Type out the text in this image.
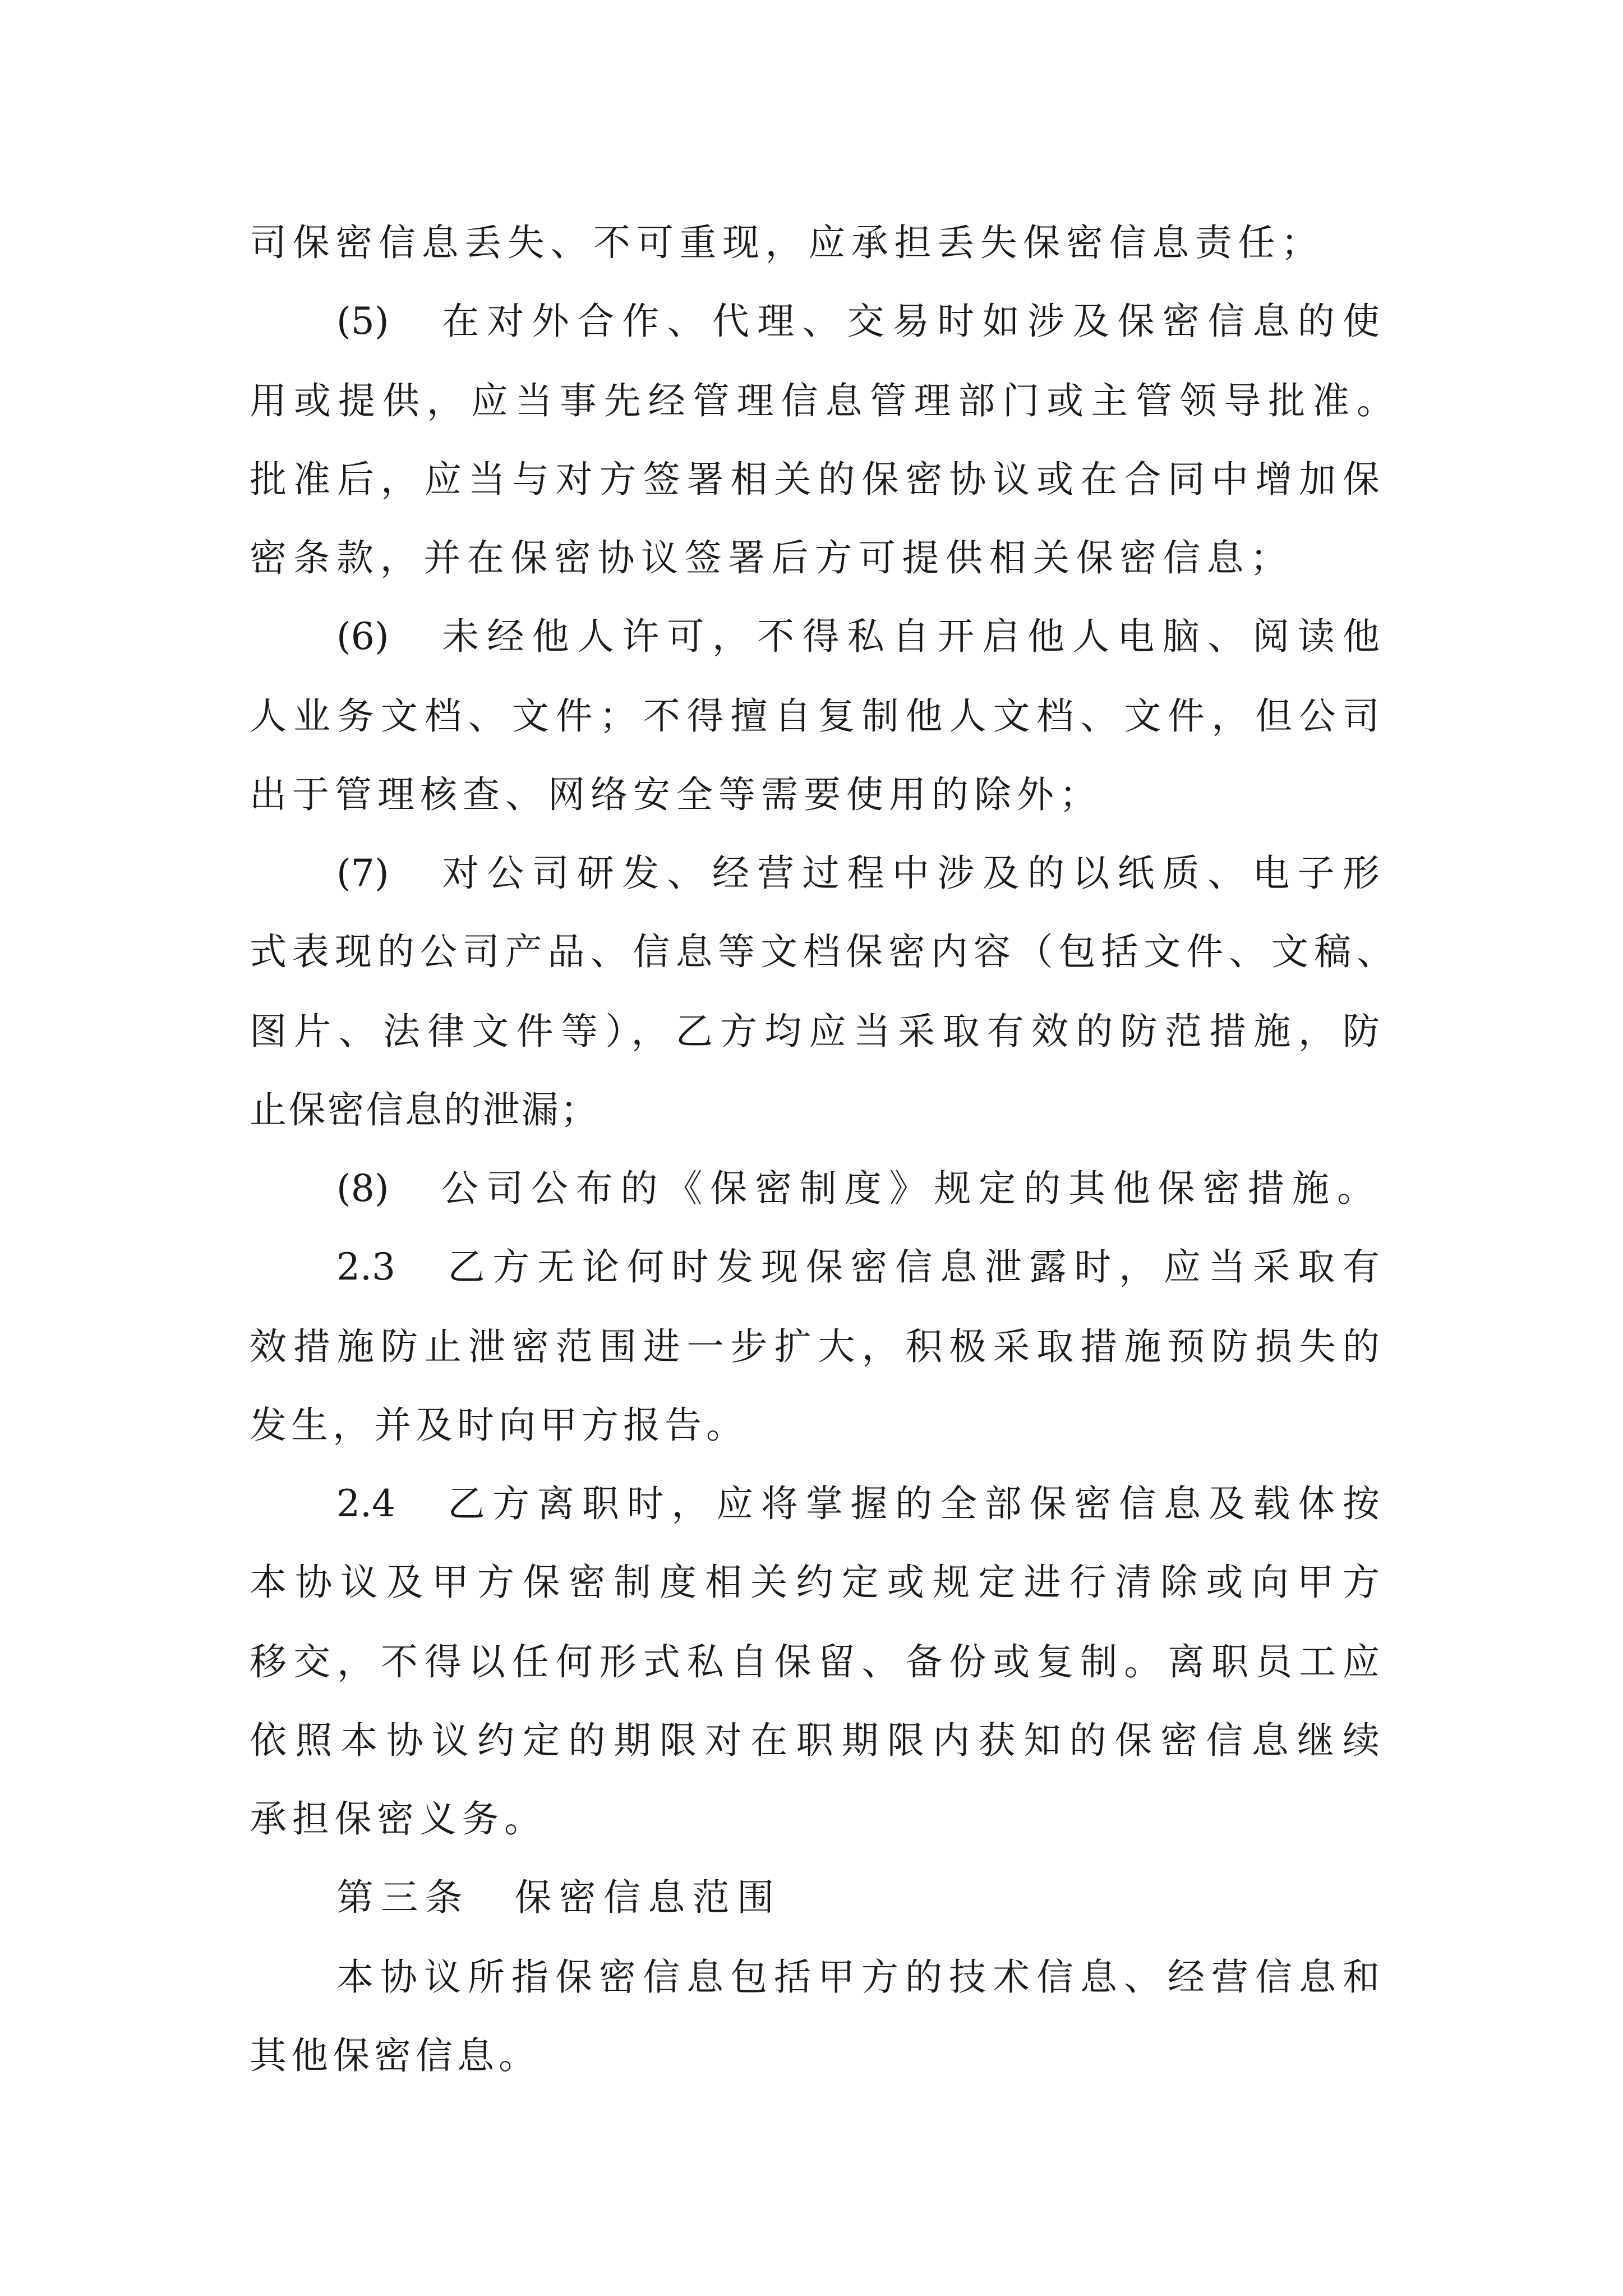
司保密信息丢失、不可重现，应承担丢失保密信息责任；
(5)　在对外合作、代理、交易时如涉及保密信息的使
用或提供，应当事先经管理信息管理部门或主管领导批准。
批准后，应当与对方签署相关的保密协议或在合同中增加保
密条款，并在保密协议签署后方可提供相关保密信息；
(6)　未经他人许可，不得私自开启他人电脑、阅读他
人业务文档、文件；不得擅自复制他人文档、文件，但公司
出于管理核查、网络安全等需要使用的除外；
(7)　对公司研发、经营过程中涉及的以纸质、电子形
式表现的公司产品、信息等文档保密内容（包括文件、文稿、
图片、法律文件等），乙方均应当采取有效的防范措施，防
止保密信息的泄漏；
(8)　公司公布的《保密制度》规定的其他保密措施。
2.3　乙方无论何时发现保密信息泄露时，应当采取有
效措施防止泄密范围进一步扩大，积极采取措施预防损失的
发生，并及时向甲方报告。
2.4　乙方离职时，应将掌握的全部保密信息及载体按
本协议及甲方保密制度相关约定或规定进行清除或向甲方
移交，不得以任何形式私自保留、备份或复制。离职员工应
依照本协议约定的期限对在职期限内获知的保密信息继续
承担保密义务。
第三条　保密信息范围
本协议所指保密信息包括甲方的技术信息、经营信息和
其他保密信息。
